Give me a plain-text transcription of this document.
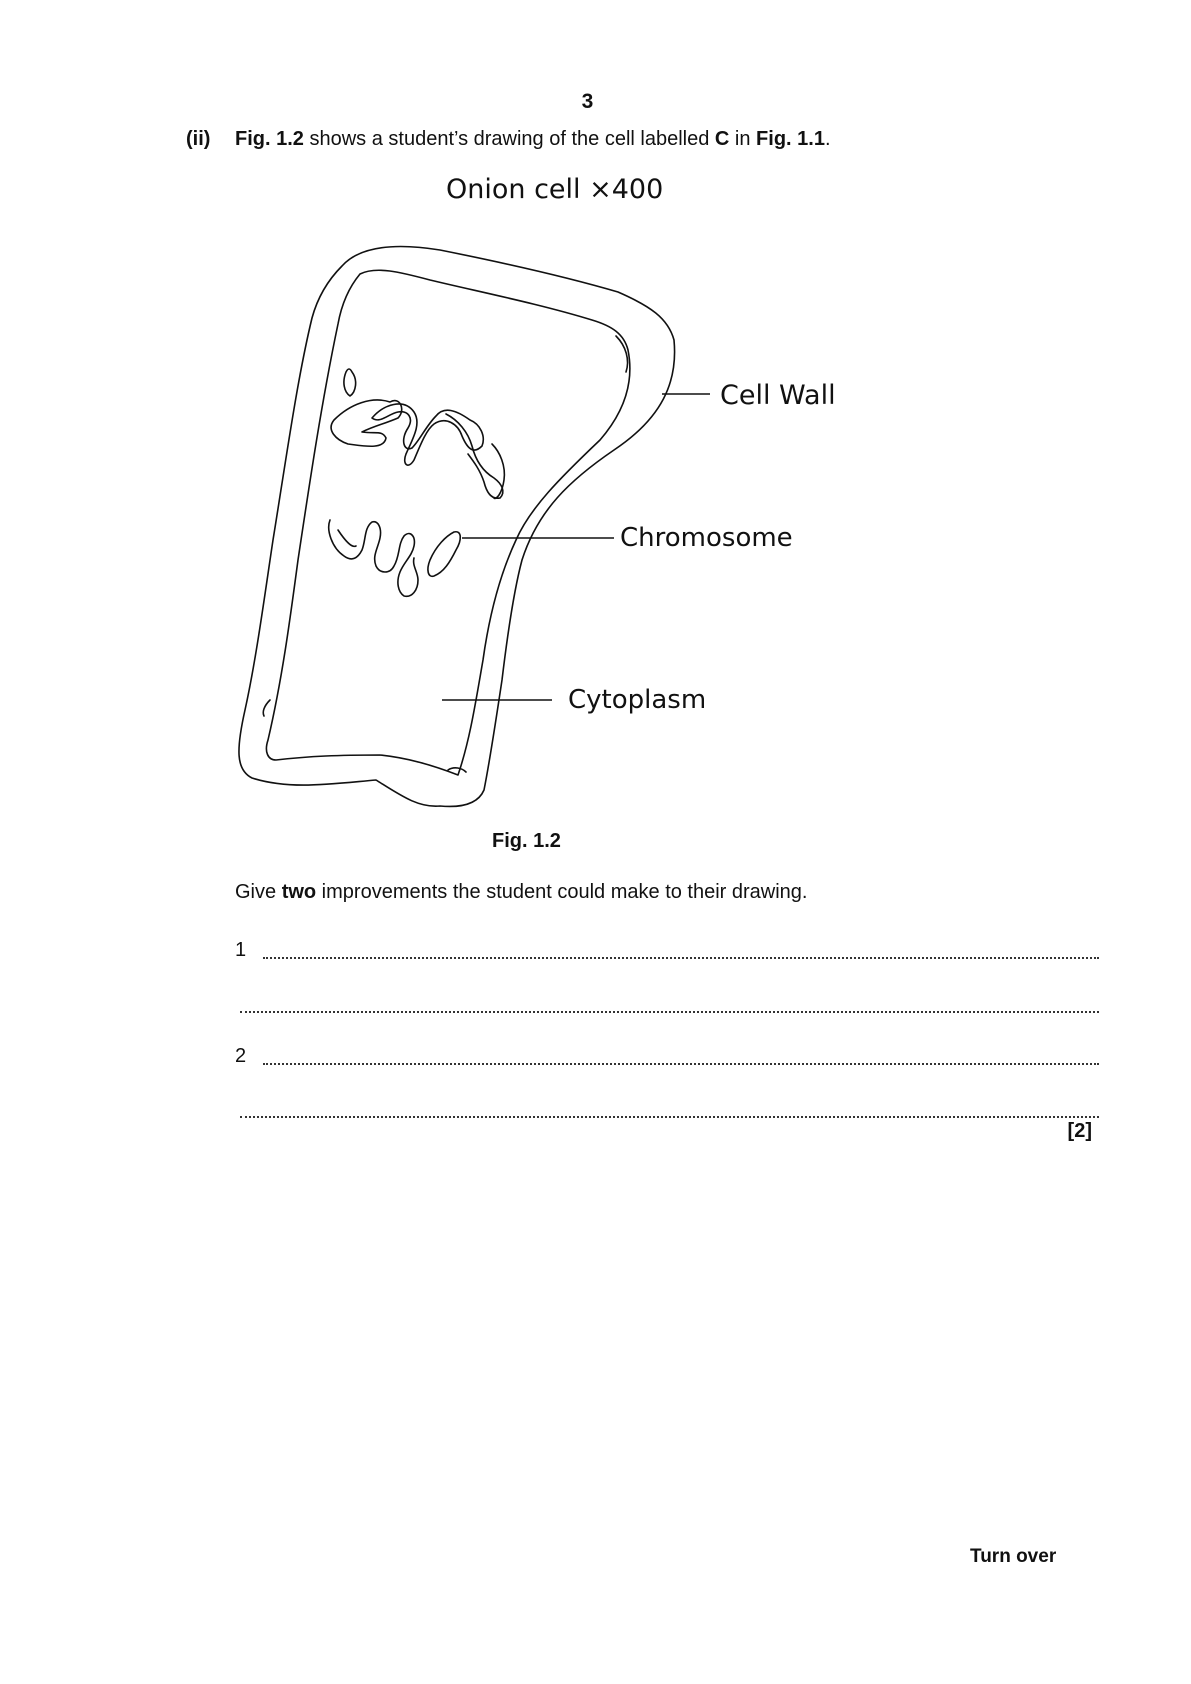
3
(ii) Fig. 1.2 shows a student’s drawing of the cell labelled C in Fig. 1.1.
Onion cell ×400
Cell Wall
Chromosome
Cytoplasm
Fig. 1.2
Give two improvements the student could make to their drawing.
1
2
[2]
Turn over
